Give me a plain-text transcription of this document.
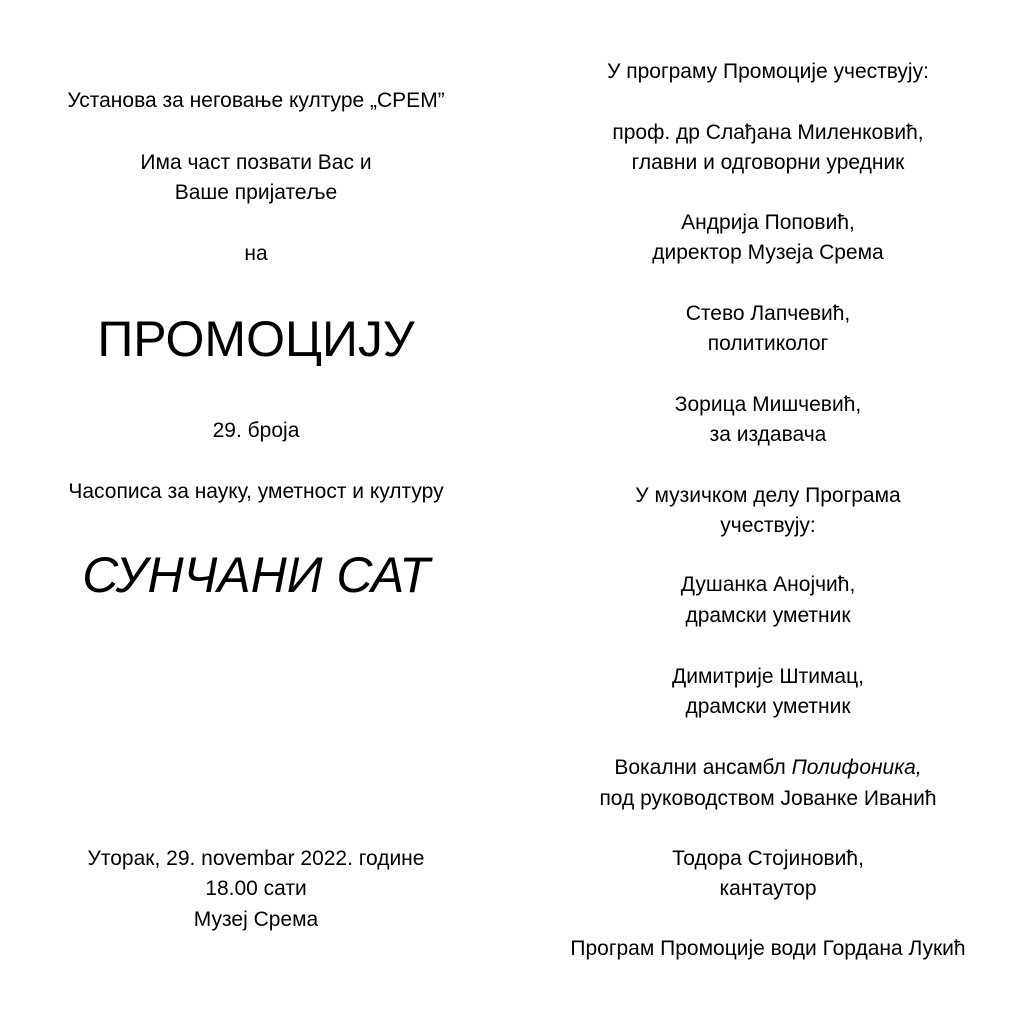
Установа за неговање културе „СРЕМ”
Има част позвати Вас и
Ваше пријатеље
на
ПРОМОЦИЈУ
29. броја
Часописа за науку, уметност и културу
СУНЧАНИ САТ
Уторак, 29. novembar 2022. године
18.00 сати
Музеј Срема
У програму Промоције учествују:
проф. др Слађана Миленковић,
главни и одговорни уредник
Андрија Поповић,
директор Музеја Срема
Стево Лапчевић,
политиколог
Зорица Мишчевић,
за издавача
У музичком делу Програма
учествују:
Душанка Анојчић,
драмски уметник
Димитрије Штимац,
драмски уметник
Вокални ансамбл Полифоника,
под руководством Јованке Иванић
Тодора Стојиновић,
кантаутор
Програм Промоције води Гордана Лукић
